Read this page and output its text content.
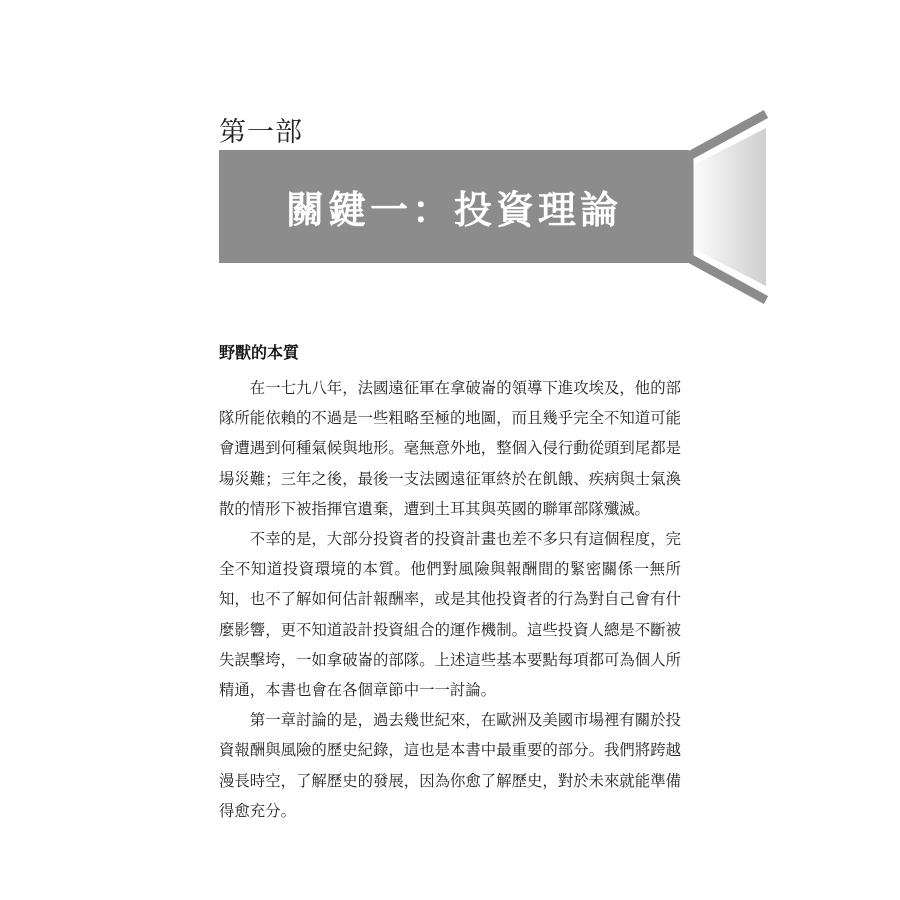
第一部
關鍵一：投資理論
野獸的本質

在一七九八年，法國遠征軍在拿破崙的領導下進攻埃及，他的部隊所能依賴的不過是一些粗略至極的地圖，而且幾乎完全不知道可能會遭遇到何種氣候與地形。毫無意外地，整個入侵行動從頭到尾都是場災難；三年之後，最後一支法國遠征軍終於在飢餓、疾病與士氣渙散的情形下被指揮官遺棄，遭到土耳其與英國的聯軍部隊殲滅。

不幸的是，大部分投資者的投資計畫也差不多只有這個程度，完全不知道投資環境的本質。他們對風險與報酬間的緊密關係一無所知，也不了解如何估計報酬率，或是其他投資者的行為對自己會有什麼影響，更不知道設計投資組合的運作機制。這些投資人總是不斷被失誤擊垮，一如拿破崙的部隊。上述這些基本要點每項都可為個人所精通，本書也會在各個章節中一一討論。

第一章討論的是，過去幾世紀來，在歐洲及美國市場裡有關於投資報酬與風險的歷史紀錄，這也是本書中最重要的部分。我們將跨越漫長時空，了解歷史的發展，因為你愈了解歷史，對於未來就能準備得愈充分。
